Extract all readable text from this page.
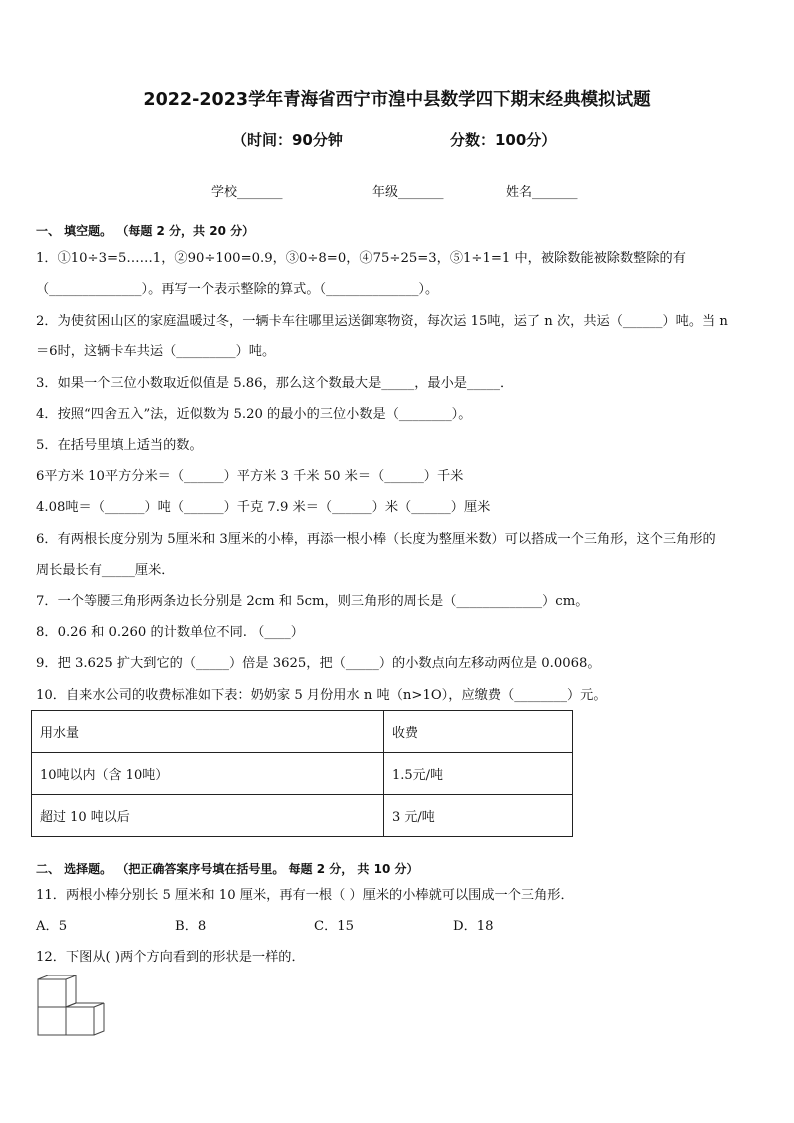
2022-2023学年青海省西宁市湟中县数学四下期末经典模拟试题
（时间：90分钟	分数：100分）
学校_______	年级_______	姓名_______
一、 填空题。 （每题 2 分，共 20 分）
1．①10÷3=5……1，②90÷100=0.9，③0÷8=0，④75÷25=3，⑤1÷1=1 中，被除数能被除数整除的有
（______________）。再写一个表示整除的算式。（______________）。
2．为使贫困山区的家庭温暖过冬，一辆卡车往哪里运送御寒物资，每次运 15吨，运了 n 次，共运（______）吨。当 n
＝6时，这辆卡车共运（_________）吨。
3．如果一个三位小数取近似值是 5.86，那么这个数最大是_____，最小是_____．
4．按照“四舍五入”法，近似数为 5.20 的最小的三位小数是（________）。
5．在括号里填上适当的数。
6平方米 10平方分米＝（______）平方米 3 千米 50 米＝（______）千米
4.08吨＝（______）吨（______）千克 7.9 米＝（______）米（______）厘米
6．有两根长度分别为 5厘米和 3厘米的小棒，再添一根小棒（长度为整厘米数）可以搭成一个三角形，这个三角形的
周长最长有_____厘米．
7．一个等腰三角形两条边长分别是 2cm 和 5cm，则三角形的周长是（_____________）cm。
8．0.26 和 0.260 的计数单位不同. （____）
9．把 3.625 扩大到它的（_____）倍是 3625，把（_____）的小数点向左移动两位是 0.0068。
10．自来水公司的收费标准如下表：奶奶家 5 月份用水 n 吨（n>1O），应缴费（________）元。
用水量	收费
10吨以内（含 10吨）	1.5元/吨
超过 10 吨以后	3 元/吨
二、 选择题。 （把正确答案序号填在括号里。 每题 2 分， 共 10 分）
11．两根小棒分别长 5 厘米和 10 厘米，再有一根（ ）厘米的小棒就可以围成一个三角形．
A．5	B．8	C．15	D．18
12．下图从( )两个方向看到的形状是一样的．
